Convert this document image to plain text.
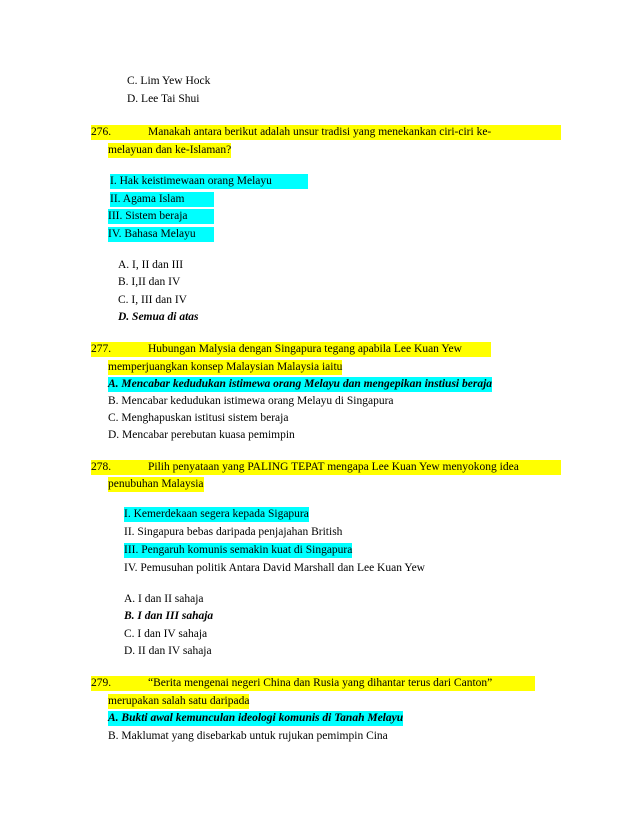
C. Lim Yew Hock
D. Lee Tai Shui
276.	Manakah antara berikut adalah unsur tradisi yang menekankan ciri-ciri ke-
melayuan dan ke-Islaman?
I. Hak keistimewaan orang Melayu
II. Agama Islam
III. Sistem beraja
IV. Bahasa Melayu
A. I, II dan III
B. I,II dan IV
C. I, III dan IV
D. Semua di atas
277.	Hubungan Malysia dengan Singapura tegang apabila Lee Kuan Yew
memperjuangkan konsep Malaysian Malaysia iaitu
A. Mencabar kedudukan istimewa orang Melayu dan mengepikan instiusi beraja
B. Mencabar kedudukan istimewa orang Melayu di Singapura
C. Menghapuskan istitusi sistem beraja
D. Mencabar perebutan kuasa pemimpin
278.	Pilih penyataan yang PALING TEPAT mengapa Lee Kuan Yew menyokong idea
penubuhan Malaysia
I. Kemerdekaan segera kepada Sigapura
II. Singapura bebas daripada penjajahan British
III. Pengaruh komunis semakin kuat di Singapura
IV. Pemusuhan politik Antara David Marshall dan Lee Kuan Yew
A. I dan II sahaja
B. I dan III sahaja
C. I dan IV sahaja
D. II dan IV sahaja
279.	“Berita mengenai negeri China dan Rusia yang dihantar terus dari Canton”
merupakan salah satu daripada
A. Bukti awal kemunculan ideologi komunis di Tanah Melayu
B. Maklumat yang disebarkab untuk rujukan pemimpin Cina
